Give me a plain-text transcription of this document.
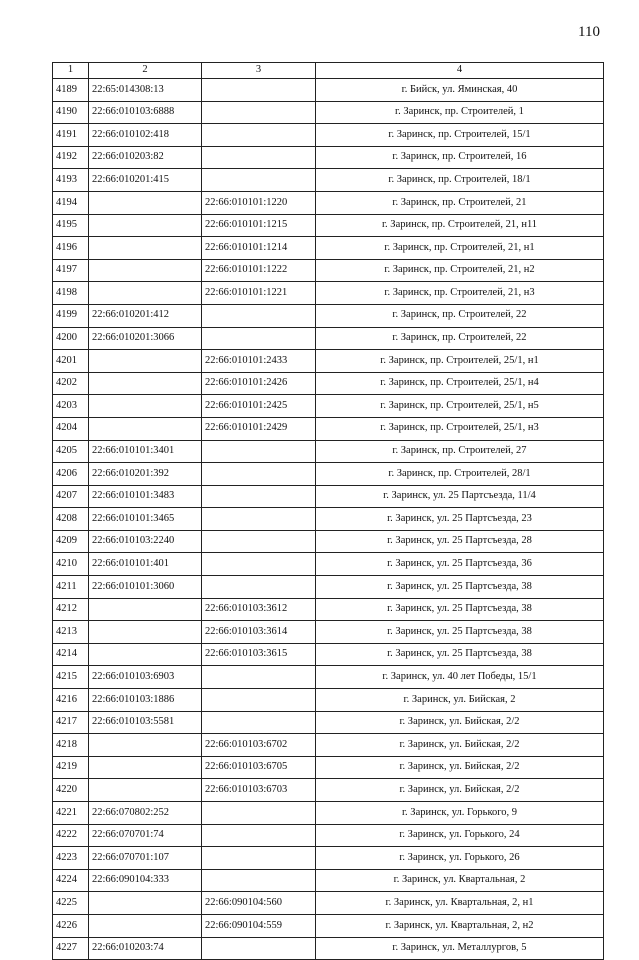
110
1	2	3	4
4189	22:65:014308:13		г. Бийск, ул. Яминская, 40
4190	22:66:010103:6888		г. Заринск, пр. Строителей, 1
4191	22:66:010102:418		г. Заринск, пр. Строителей, 15/1
4192	22:66:010203:82		г. Заринск, пр. Строителей, 16
4193	22:66:010201:415		г. Заринск, пр. Строителей, 18/1
4194		22:66:010101:1220	г. Заринск, пр. Строителей, 21
4195		22:66:010101:1215	г. Заринск, пр. Строителей, 21, н11
4196		22:66:010101:1214	г. Заринск, пр. Строителей, 21, н1
4197		22:66:010101:1222	г. Заринск, пр. Строителей, 21, н2
4198		22:66:010101:1221	г. Заринск, пр. Строителей, 21, н3
4199	22:66:010201:412		г. Заринск, пр. Строителей, 22
4200	22:66:010201:3066		г. Заринск, пр. Строителей, 22
4201		22:66:010101:2433	г. Заринск, пр. Строителей, 25/1, н1
4202		22:66:010101:2426	г. Заринск, пр. Строителей, 25/1, н4
4203		22:66:010101:2425	г. Заринск, пр. Строителей, 25/1, н5
4204		22:66:010101:2429	г. Заринск, пр. Строителей, 25/1, н3
4205	22:66:010101:3401		г. Заринск, пр. Строителей, 27
4206	22:66:010201:392		г. Заринск, пр. Строителей, 28/1
4207	22:66:010101:3483		г. Заринск, ул. 25 Партсъезда, 11/4
4208	22:66:010101:3465		г. Заринск, ул. 25 Партсъезда, 23
4209	22:66:010103:2240		г. Заринск, ул. 25 Партсъезда, 28
4210	22:66:010101:401		г. Заринск, ул. 25 Партсъезда, 36
4211	22:66:010101:3060		г. Заринск, ул. 25 Партсъезда, 38
4212		22:66:010103:3612	г. Заринск, ул. 25 Партсъезда, 38
4213		22:66:010103:3614	г. Заринск, ул. 25 Партсъезда, 38
4214		22:66:010103:3615	г. Заринск, ул. 25 Партсъезда, 38
4215	22:66:010103:6903		г. Заринск, ул. 40 лет Победы, 15/1
4216	22:66:010103:1886		г. Заринск, ул. Бийская, 2
4217	22:66:010103:5581		г. Заринск, ул. Бийская, 2/2
4218		22:66:010103:6702	г. Заринск, ул. Бийская, 2/2
4219		22:66:010103:6705	г. Заринск, ул. Бийская, 2/2
4220		22:66:010103:6703	г. Заринск, ул. Бийская, 2/2
4221	22:66:070802:252		г. Заринск, ул. Горького, 9
4222	22:66:070701:74		г. Заринск, ул. Горького, 24
4223	22:66:070701:107		г. Заринск, ул. Горького, 26
4224	22:66:090104:333		г. Заринск, ул. Квартальная, 2
4225		22:66:090104:560	г. Заринск, ул. Квартальная, 2, н1
4226		22:66:090104:559	г. Заринск, ул. Квартальная, 2, н2
4227	22:66:010203:74		г. Заринск, ул. Металлургов, 5
